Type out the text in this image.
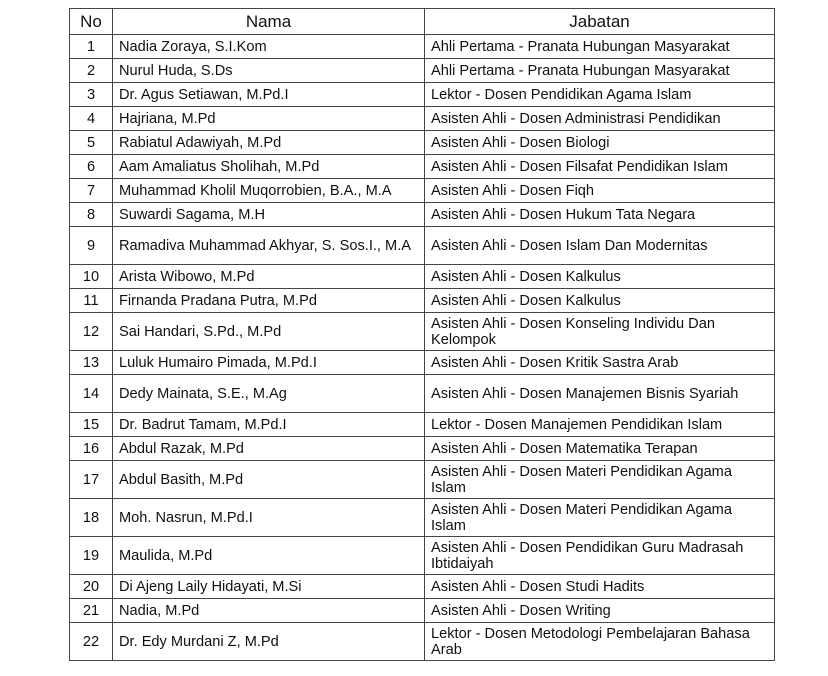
No	Nama	Jabatan
1	Nadia Zoraya, S.I.Kom	Ahli Pertama - Pranata Hubungan Masyarakat
2	Nurul Huda, S.Ds	Ahli Pertama - Pranata Hubungan Masyarakat
3	Dr. Agus Setiawan, M.Pd.I	Lektor - Dosen Pendidikan Agama Islam
4	Hajriana, M.Pd	Asisten Ahli - Dosen Administrasi Pendidikan
5	Rabiatul Adawiyah, M.Pd	Asisten Ahli - Dosen Biologi
6	Aam Amaliatus Sholihah, M.Pd	Asisten Ahli - Dosen Filsafat Pendidikan Islam
7	Muhammad Kholil Muqorrobien, B.A., M.A	Asisten Ahli - Dosen Fiqh
8	Suwardi Sagama, M.H	Asisten Ahli - Dosen Hukum Tata Negara
9	Ramadiva Muhammad Akhyar, S. Sos.I., M.A	Asisten Ahli - Dosen Islam Dan Modernitas
10	Arista Wibowo, M.Pd	Asisten Ahli - Dosen Kalkulus
11	Firnanda Pradana Putra, M.Pd	Asisten Ahli - Dosen Kalkulus
12	Sai Handari, S.Pd., M.Pd	Asisten Ahli - Dosen Konseling Individu Dan Kelompok
13	Luluk Humairo Pimada, M.Pd.I	Asisten Ahli - Dosen Kritik Sastra Arab
14	Dedy Mainata, S.E., M.Ag	Asisten Ahli - Dosen Manajemen Bisnis Syariah
15	Dr. Badrut Tamam, M.Pd.I	Lektor - Dosen Manajemen Pendidikan Islam
16	Abdul Razak, M.Pd	Asisten Ahli - Dosen Matematika Terapan
17	Abdul Basith, M.Pd	Asisten Ahli - Dosen Materi Pendidikan Agama Islam
18	Moh. Nasrun, M.Pd.I	Asisten Ahli - Dosen Materi Pendidikan Agama Islam
19	Maulida, M.Pd	Asisten Ahli - Dosen Pendidikan Guru Madrasah Ibtidaiyah
20	Di Ajeng Laily Hidayati, M.Si	Asisten Ahli - Dosen Studi Hadits
21	Nadia, M.Pd	Asisten Ahli - Dosen Writing
22	Dr. Edy Murdani Z, M.Pd	Lektor - Dosen Metodologi Pembelajaran Bahasa Arab
